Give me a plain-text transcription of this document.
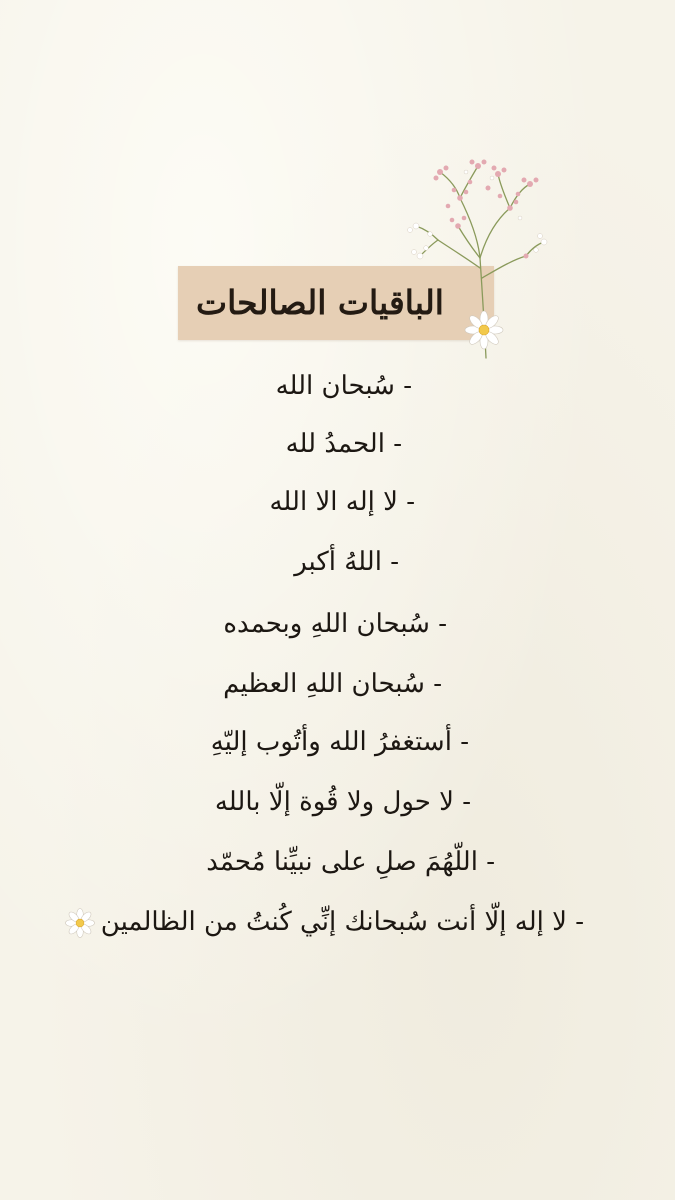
الباقيات الصالحات
- سُبحان الله
- الحمدُ لله
- لا إله الا الله
- اللهُ أكبر
- سُبحان اللهِ وبحمده
- سُبحان اللهِ العظيم
- أستغفرُ الله وأتُوب إليّهِ
- لا حول ولا قُوة إلّا بالله
- اللّهُمَ صلِ على نبيِّنا مُحمّد
- لا إله إلّا أنت سُبحانك إنِّي كُنتُ من الظالمين
